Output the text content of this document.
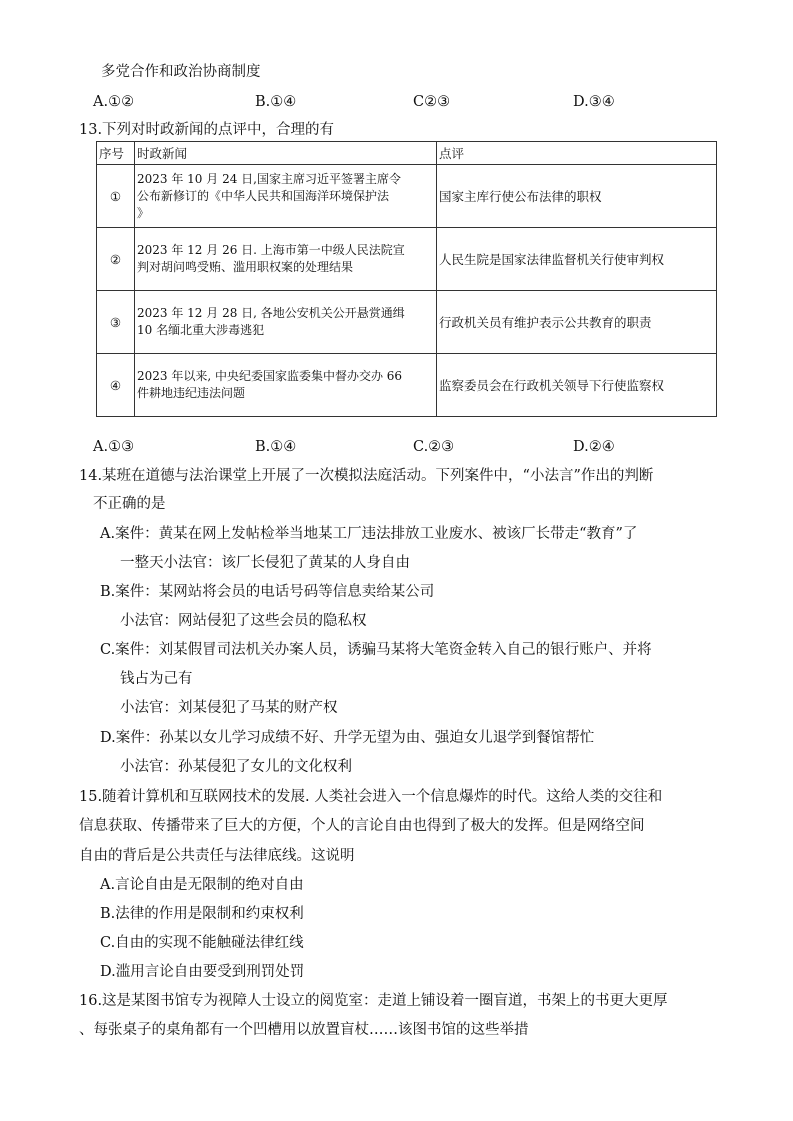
多党合作和政治协商制度
A.①②	B.①④	C②③	D.③④
13.下列对时政新闻的点评中，合理的有
序号	时政新闻	点评
①	2023 年 10 月 24 日,国家主席习近平签署主席令
公布新修订的《中华人民共和国海洋环境保护法
》	国家主库行使公布法律的职权
②	2023 年 12 月 26 日. 上海市第一中级人民法院宣
判对胡问鸣受贿、滥用职权案的处理结果	人民生院是国家法律监督机关行使审判权
③	2023 年 12 月 28 日, 各地公安机关公开悬赏通缉
10 名缅北重大涉毒逃犯	行政机关员有维护表示公共教育的职责
④	2023 年以来, 中央纪委国家监委集中督办交办 66
件耕地违纪违法问题	监察委员会在行政机关领导下行使监察权
A.①③	B.①④	C.②③	D.②④
14.某班在道德与法治课堂上开展了一次模拟法庭活动。下列案件中，“小法言”作出的判断
不正确的是
A.案件：黄某在网上发帖检举当地某工厂违法排放工业废水、被该厂长带走“教育”了
一整天小法官：该厂长侵犯了黄某的人身自由
B.案件：某网站将会员的电话号码等信息卖给某公司
小法官：网站侵犯了这些会员的隐私权
C.案件：刘某假冒司法机关办案人员，诱骗马某将大笔资金转入自己的银行账户、并将
钱占为己有
小法官：刘某侵犯了马某的财产权
D.案件：孙某以女儿学习成绩不好、升学无望为由、强迫女儿退学到餐馆帮忙
小法官：孙某侵犯了女儿的文化权利
15.随着计算机和互联网技术的发展. 人类社会进入一个信息爆炸的时代。这给人类的交往和
信息获取、传播带来了巨大的方便，个人的言论自由也得到了极大的发挥。但是网络空间
自由的背后是公共责任与法律底线。这说明
A.言论自由是无限制的绝对自由
B.法律的作用是限制和约束权利
C.自由的实现不能触碰法律红线
D.滥用言论自由要受到刑罚处罚
16.这是某图书馆专为视障人士设立的阅览室：走道上铺设着一圈盲道，书架上的书更大更厚
、每张桌子的桌角都有一个凹槽用以放置盲杖……该图书馆的这些举措
